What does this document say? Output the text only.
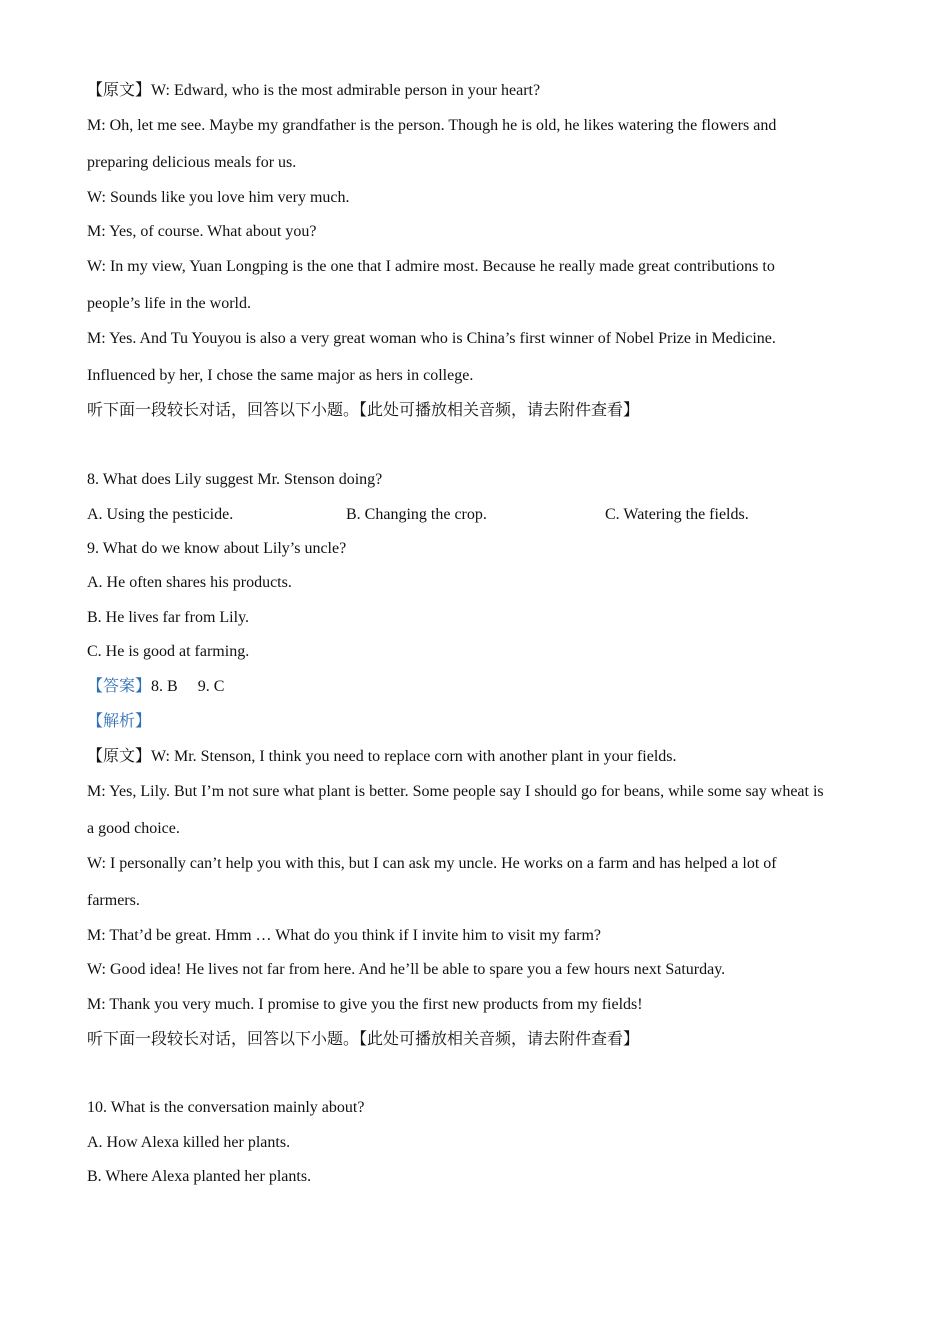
【原文】W: Edward, who is the most admirable person in your heart?
M: Oh, let me see. Maybe my grandfather is the person. Though he is old, he likes watering the flowers and
preparing delicious meals for us.
W: Sounds like you love him very much.
M: Yes, of course. What about you?
W: In my view, Yuan Longping is the one that I admire most. Because he really made great contributions to
people’s life in the world.
M: Yes. And Tu Youyou is also a very great woman who is China’s first winner of Nobel Prize in Medicine.
Influenced by her, I chose the same major as hers in college.
听下面一段较长对话，回答以下小题。【此处可播放相关音频，请去附件查看】
8. What does Lily suggest Mr. Stenson doing?
A. Using the pesticide.	B. Changing the crop.	C. Watering the fields.
9. What do we know about Lily’s uncle?
A. He often shares his products.
B. He lives far from Lily.
C. He is good at farming.
【答案】8. B　 9. C
【解析】
【原文】W: Mr. Stenson, I think you need to replace corn with another plant in your fields.
M: Yes, Lily. But I’m not sure what plant is better. Some people say I should go for beans, while some say wheat is
a good choice.
W: I personally can’t help you with this, but I can ask my uncle. He works on a farm and has helped a lot of
farmers.
M: That’d be great. Hmm … What do you think if I invite him to visit my farm?
W: Good idea! He lives not far from here. And he’ll be able to spare you a few hours next Saturday.
M: Thank you very much. I promise to give you the first new products from my fields!
听下面一段较长对话，回答以下小题。【此处可播放相关音频，请去附件查看】
10. What is the conversation mainly about?
A. How Alexa killed her plants.
B. Where Alexa planted her plants.
